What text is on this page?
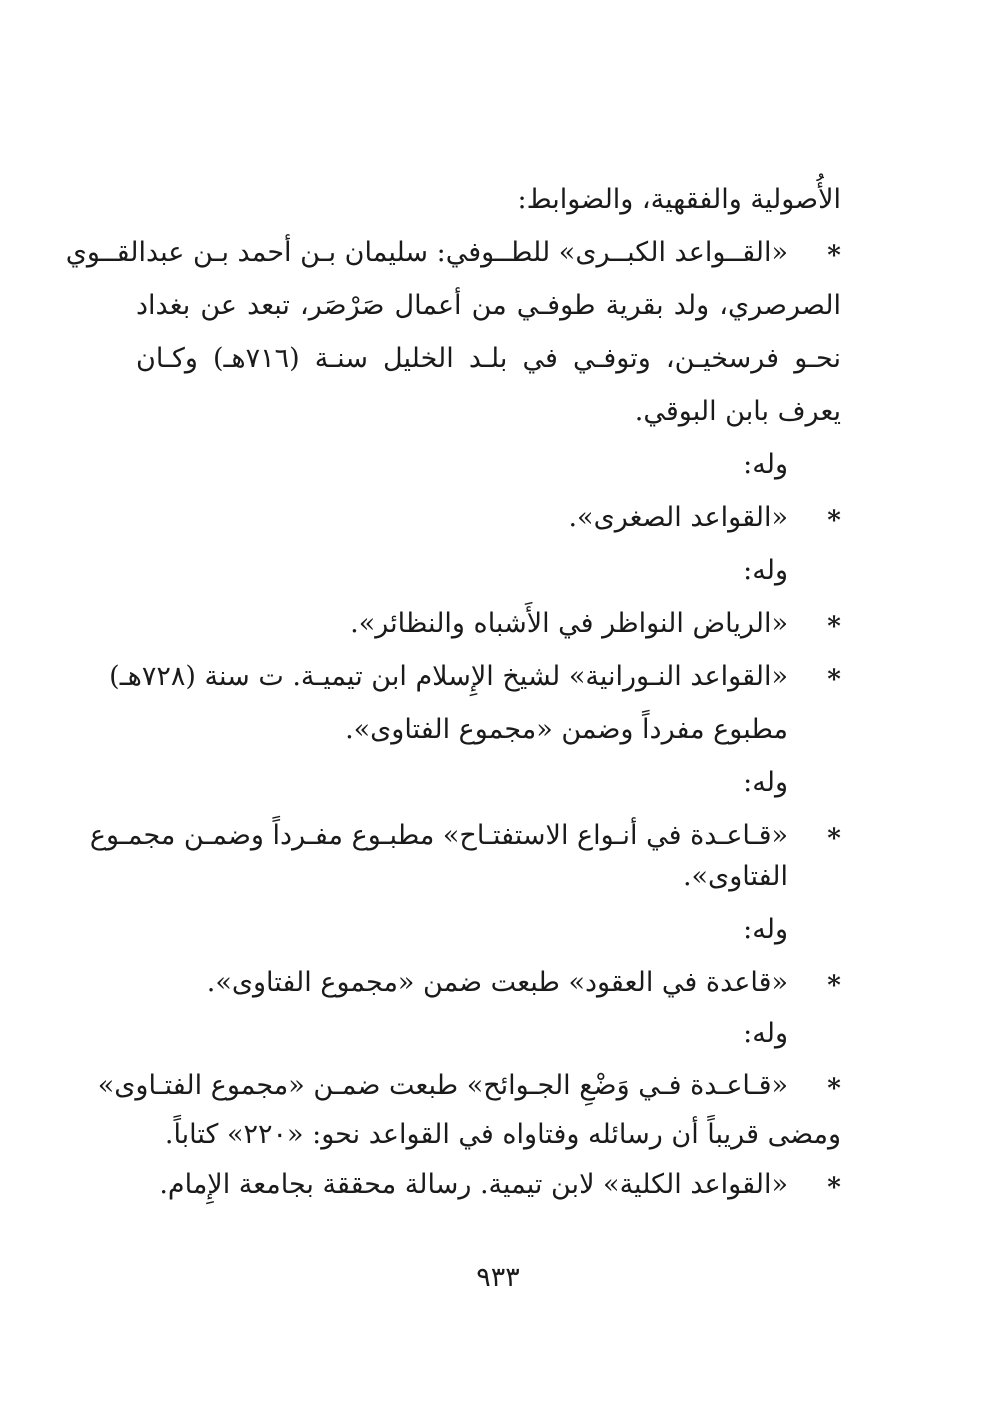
الأُصولية والفقهية، والضوابط:
*
«القــواعد الكبــرى» للطــوفي: سليمان بـن أحمد بـن عبدالقــوي
الصرصري، ولد بقرية طوفـي من أعمال صَرْصَر، تبعد عن بغداد
نحـو فرسخيـن، وتوفـي في بلـد الخليل سنـة (٧١٦هـ) وكـان
يعرف بابن البوقي.
وله:
*
«القواعد الصغرى».
وله:
*
«الرياض النواظر في الأَشباه والنظائر».
*
«القواعد النـورانية» لشيخ الإِسلام ابن تيميـة. ت سنة (٧٢٨هـ)
مطبوع مفرداً وضمن «مجموع الفتاوى».
وله:
*
«قـاعـدة في أنـواع الاستفتـاح» مطبـوع مفـرداً وضمـن مجمـوع
الفتاوى».
وله:
*
«قاعدة في العقود» طبعت ضمن «مجموع الفتاوى».
وله:
*
«قـاعـدة فـي وَضْعِ الجـوائح» طبعت ضمـن «مجموع الفتـاوى»
ومضى قريباً أن رسائله وفتاواه في القواعد نحو: «٢٢٠» كتاباً.
*
«القواعد الكلية» لابن تيمية. رسالة محققة بجامعة الإِمام.
٩٣٣
